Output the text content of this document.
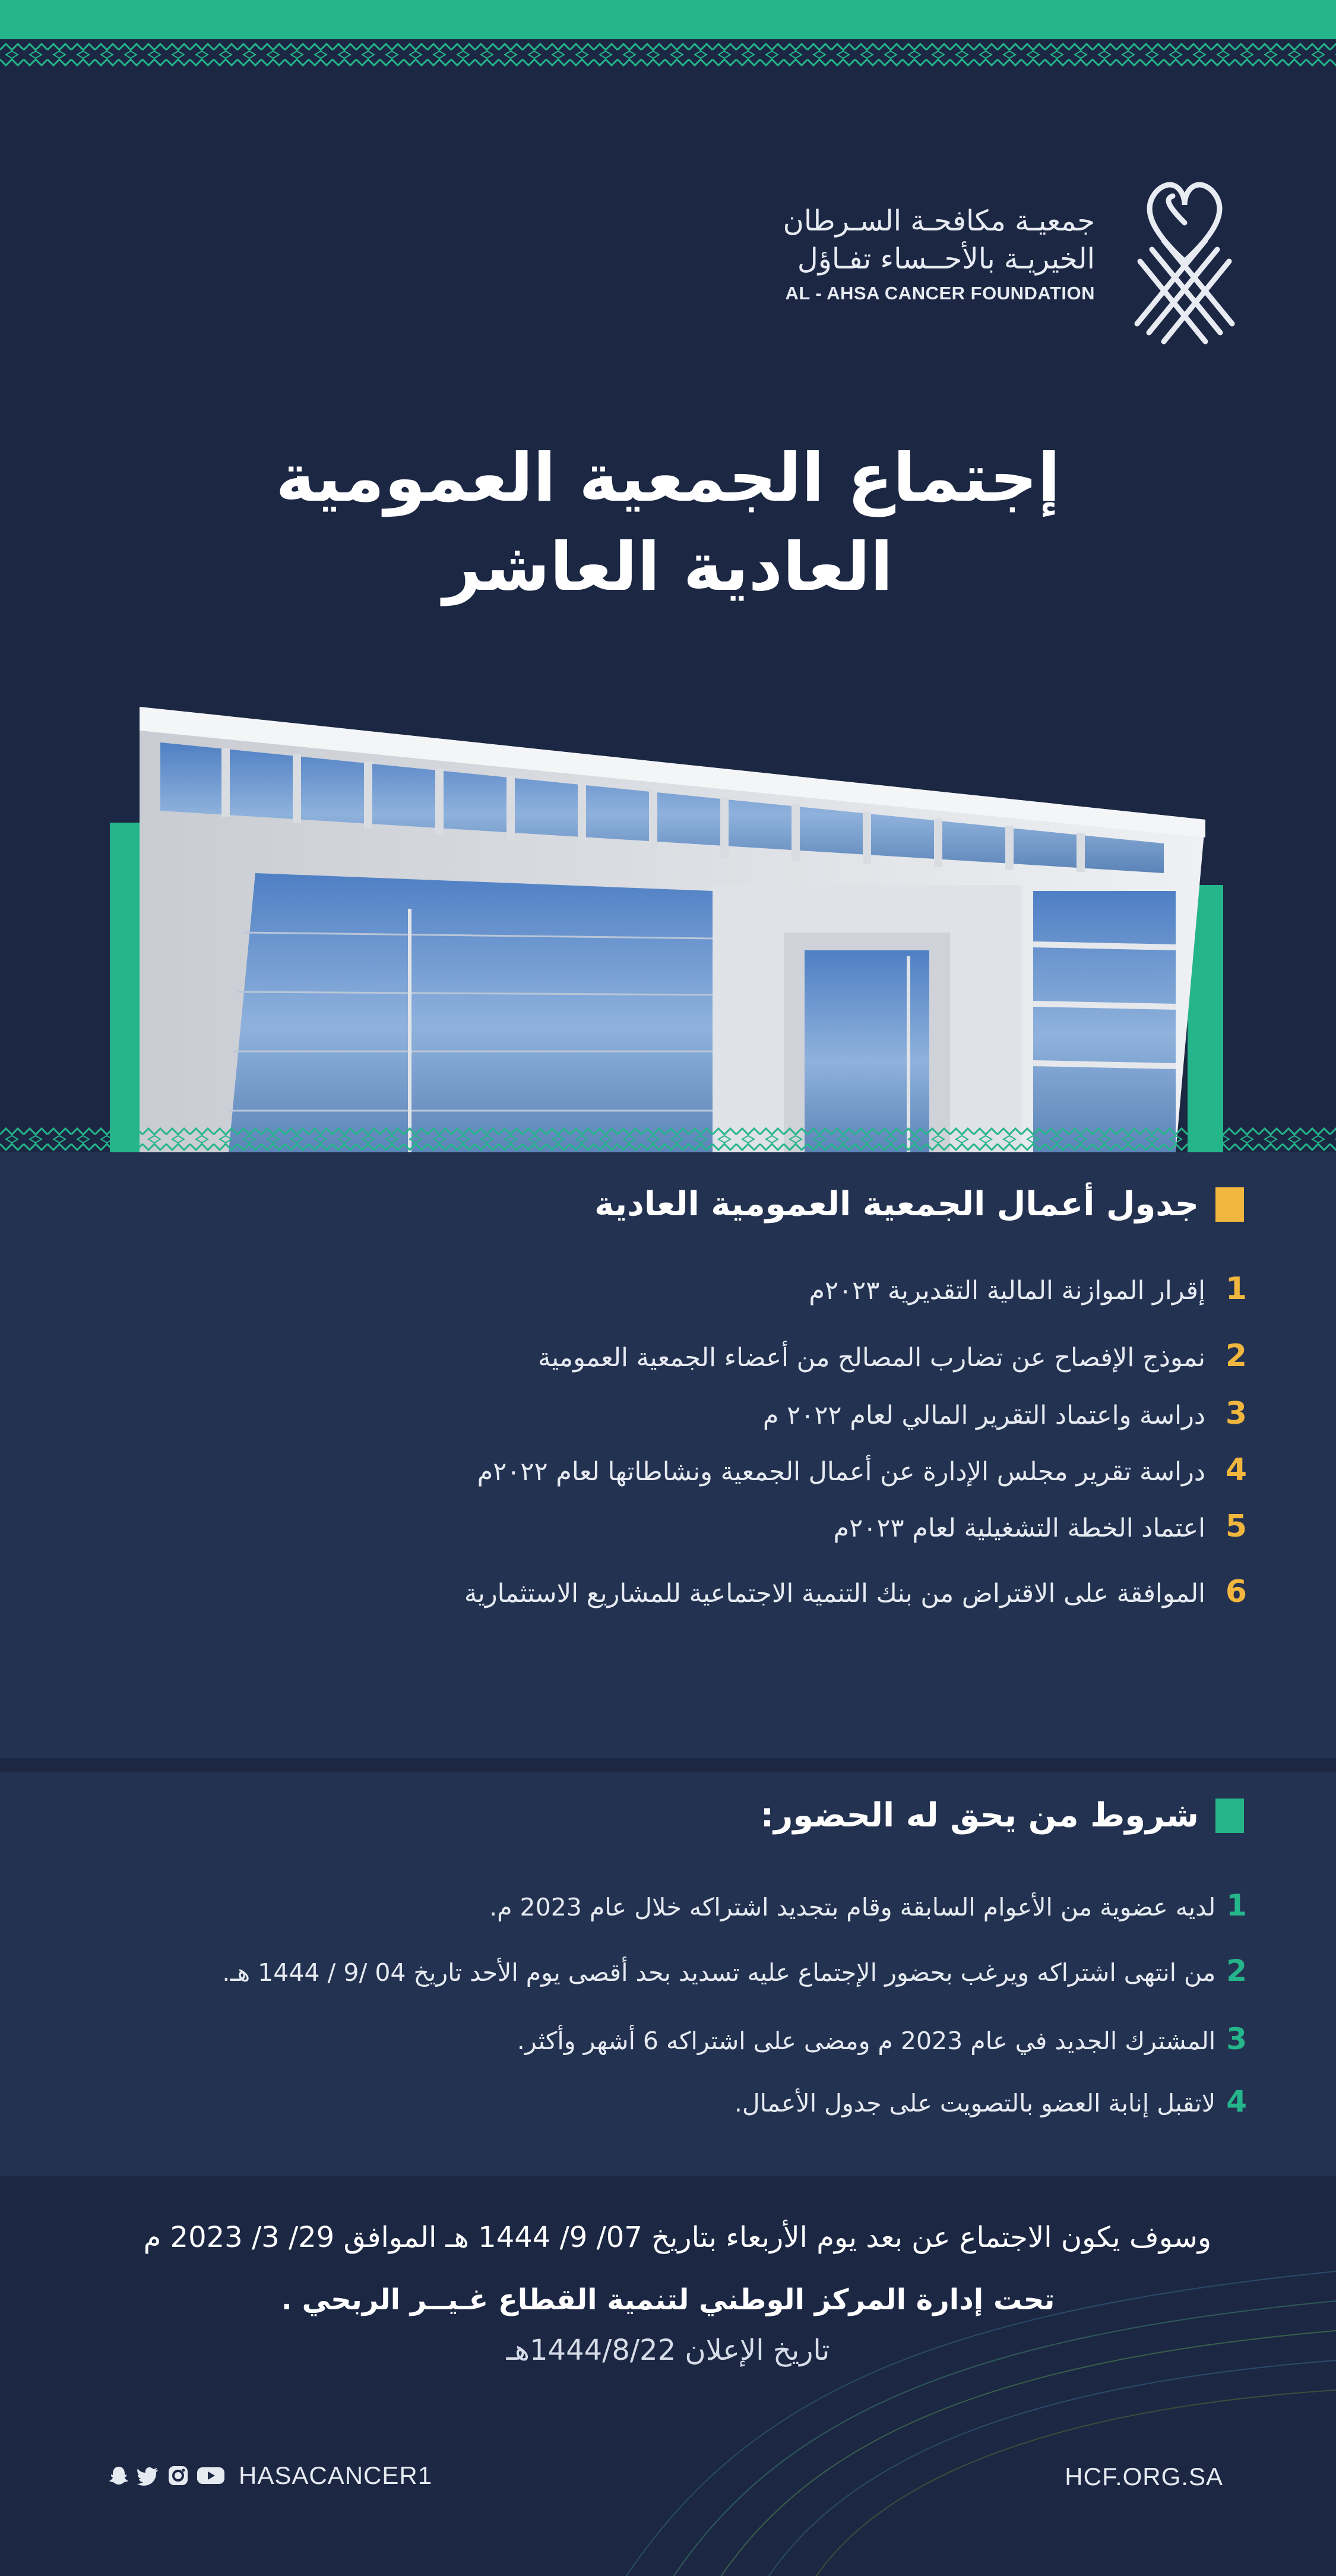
جمعيـة مكافحـة السـرطان
الخيريـة بالأحــساء تفـاؤل
AL - AHSA CANCER FOUNDATION
إجتماع الجمعية العمومية
العادية العاشر
جدول أعمال الجمعية العمومية العادية
1
إقرار الموازنة المالية التقديرية ٢٠٢٣م
2
نموذج الإفصاح عن تضارب المصالح من أعضاء الجمعية العمومية
3
دراسة واعتماد التقرير المالي لعام ٢٠٢٢ م
4
دراسة تقرير مجلس الإدارة عن أعمال الجمعية ونشاطاتها لعام ٢٠٢٢م
5
اعتماد الخطة التشغيلية لعام ٢٠٢٣م
6
الموافقة على الاقتراض من بنك التنمية الاجتماعية للمشاريع الاستثمارية
شروط من يحق له الحضور:
1
لديه عضوية من الأعوام السابقة وقام بتجديد اشتراكه خلال عام 2023 م.
2
من انتهى اشتراكه ويرغب بحضور الإجتماع عليه تسديد بحد أقصى يوم الأحد تاريخ 04 /9 / 1444 هـ.
3
المشترك الجديد في عام 2023 م ومضى على اشتراكه 6 أشهر وأكثر.
4
لاتقبل إنابة العضو بالتصويت على جدول الأعمال.
وسوف يكون الاجتماع عن بعد يوم الأربعاء بتاريخ 07/ 9/ 1444 هـ الموافق 29/ 3/ 2023 م
تحت إدارة المركز الوطني لتنمية القطاع غـيــر الربحي .
تاريخ الإعلان 1444/8/22هـ
HASACANCER1	HCF.ORG.SA
